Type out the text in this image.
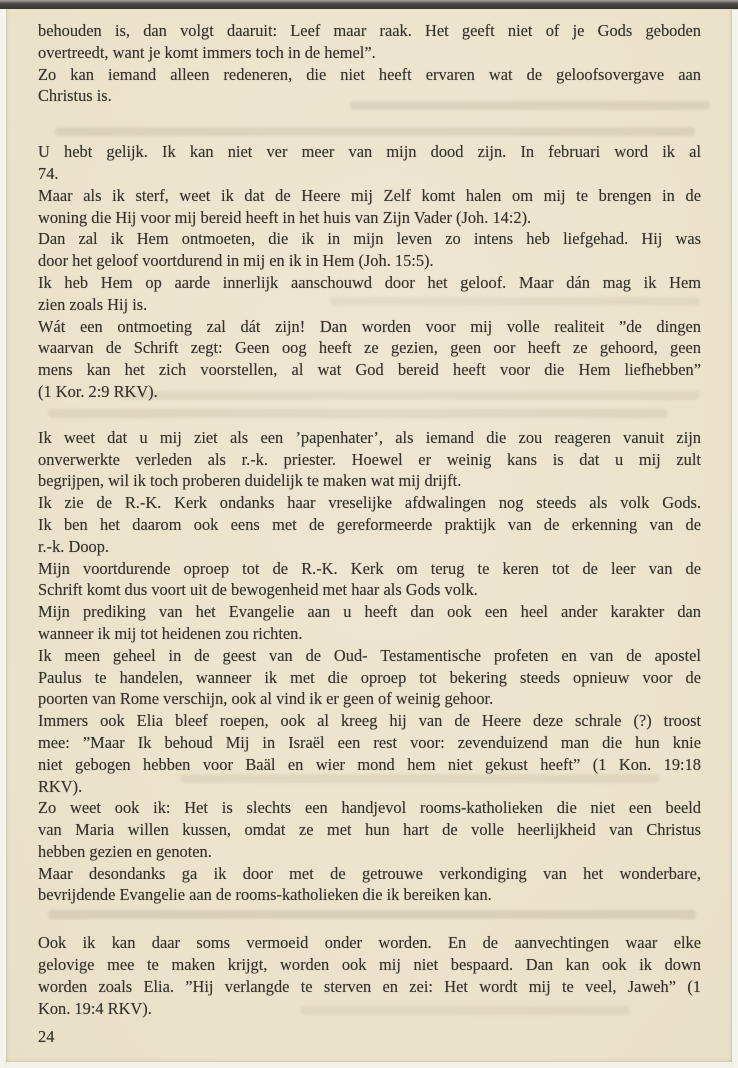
behouden is, dan volgt daaruit: Leef maar raak. Het geeft niet of je Gods geboden
overtreedt, want je komt immers toch in de hemel”.
Zo kan iemand alleen redeneren, die niet heeft ervaren wat de geloofsovergave aan
Christus is.
U hebt gelijk. Ik kan niet ver meer van mijn dood zijn. In februari word ik al
74.
Maar als ik sterf, weet ik dat de Heere mij Zelf komt halen om mij te brengen in de
woning die Hij voor mij bereid heeft in het huis van Zijn Vader (Joh. 14:2).
Dan zal ik Hem ontmoeten, die ik in mijn leven zo intens heb liefgehad. Hij was
door het geloof voortdurend in mij en ik in Hem (Joh. 15:5).
Ik heb Hem op aarde innerlijk aanschouwd door het geloof. Maar dán mag ik Hem
zien zoals Hij is.
Wát een ontmoeting zal dát zijn! Dan worden voor mij volle realiteit ”de dingen
waarvan de Schrift zegt: Geen oog heeft ze gezien, geen oor heeft ze gehoord, geen
mens kan het zich voorstellen, al wat God bereid heeft voor die Hem liefhebben”
(1 Kor. 2:9 RKV).
Ik weet dat u mij ziet als een ’papenhater’, als iemand die zou reageren vanuit zijn
onverwerkte verleden als r.-k. priester. Hoewel er weinig kans is dat u mij zult
begrijpen, wil ik toch proberen duidelijk te maken wat mij drijft.
Ik zie de R.-K. Kerk ondanks haar vreselijke afdwalingen nog steeds als volk Gods.
Ik ben het daarom ook eens met de gereformeerde praktijk van de erkenning van de
r.-k. Doop.
Mijn voortdurende oproep tot de R.-K. Kerk om terug te keren tot de leer van de
Schrift komt dus voort uit de bewogenheid met haar als Gods volk.
Mijn prediking van het Evangelie aan u heeft dan ook een heel ander karakter dan
wanneer ik mij tot heidenen zou richten.
Ik meen geheel in de geest van de Oud- Testamentische profeten en van de apostel
Paulus te handelen, wanneer ik met die oproep tot bekering steeds opnieuw voor de
poorten van Rome verschijn, ook al vind ik er geen of weinig gehoor.
Immers ook Elia bleef roepen, ook al kreeg hij van de Heere deze schrale (?) troost
mee: ”Maar Ik behoud Mij in Israël een rest voor: zevenduizend man die hun knie
niet gebogen hebben voor Baäl en wier mond hem niet gekust heeft” (1 Kon. 19:18
RKV).
Zo weet ook ik: Het is slechts een handjevol rooms-katholieken die niet een beeld
van Maria willen kussen, omdat ze met hun hart de volle heerlijkheid van Christus
hebben gezien en genoten.
Maar desondanks ga ik door met de getrouwe verkondiging van het wonderbare,
bevrijdende Evangelie aan de rooms-katholieken die ik bereiken kan.
Ook ik kan daar soms vermoeid onder worden. En de aanvechtingen waar elke
gelovige mee te maken krijgt, worden ook mij niet bespaard. Dan kan ook ik down
worden zoals Elia. ”Hij verlangde te sterven en zei: Het wordt mij te veel, Jaweh” (1
Kon. 19:4 RKV).
24
